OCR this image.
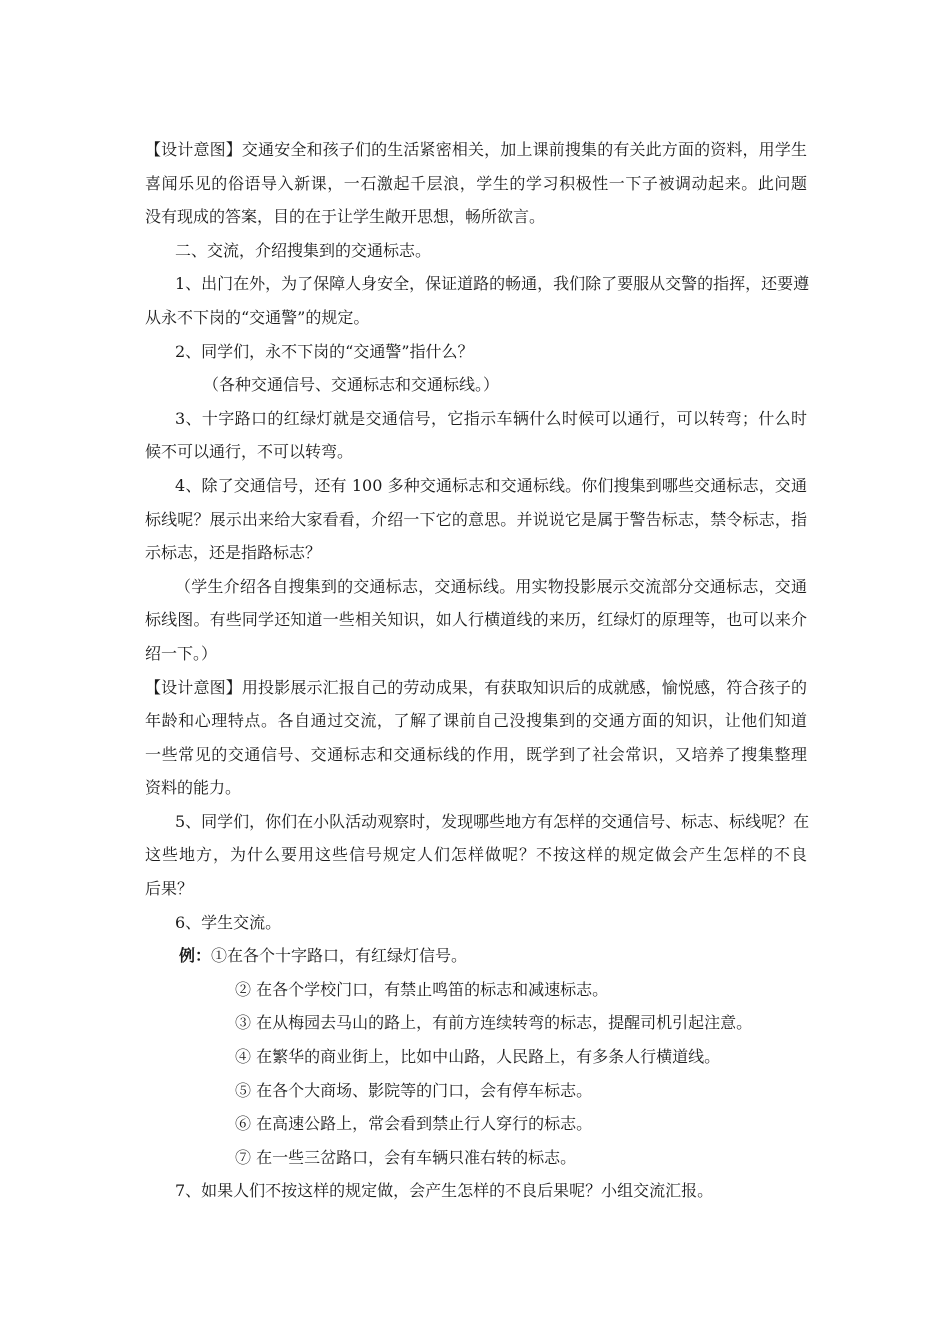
【设计意图】交通安全和孩子们的生活紧密相关，加上课前搜集的有关此方面的资料，用学生
喜闻乐见的俗语导入新课，一石激起千层浪，学生的学习积极性一下子被调动起来。此问题
没有现成的答案，目的在于让学生敞开思想，畅所欲言。
二、交流，介绍搜集到的交通标志。
1、出门在外，为了保障人身安全，保证道路的畅通，我们除了要服从交警的指挥，还要遵
从永不下岗的“交通警”的规定。
2、同学们，永不下岗的“交通警”指什么？
（各种交通信号、交通标志和交通标线。）
3、十字路口的红绿灯就是交通信号，它指示车辆什么时候可以通行，可以转弯；什么时
候不可以通行，不可以转弯。
4、除了交通信号，还有 100 多种交通标志和交通标线。你们搜集到哪些交通标志，交通
标线呢？展示出来给大家看看，介绍一下它的意思。并说说它是属于警告标志，禁令标志，指
示标志，还是指路标志？
（学生介绍各自搜集到的交通标志，交通标线。用实物投影展示交流部分交通标志，交通
标线图。有些同学还知道一些相关知识，如人行横道线的来历，红绿灯的原理等，也可以来介
绍一下。）
【设计意图】用投影展示汇报自己的劳动成果，有获取知识后的成就感，愉悦感，符合孩子的
年龄和心理特点。各自通过交流，了解了课前自己没搜集到的交通方面的知识，让他们知道
一些常见的交通信号、交通标志和交通标线的作用，既学到了社会常识，又培养了搜集整理
资料的能力。
5、同学们，你们在小队活动观察时，发现哪些地方有怎样的交通信号、标志、标线呢？在
这些地方，为什么要用这些信号规定人们怎样做呢？不按这样的规定做会产生怎样的不良
后果？
6、学生交流。
例：①在各个十字路口，有红绿灯信号。
② 在各个学校门口，有禁止鸣笛的标志和减速标志。
③ 在从梅园去马山的路上，有前方连续转弯的标志，提醒司机引起注意。
④ 在繁华的商业街上，比如中山路，人民路上，有多条人行横道线。
⑤ 在各个大商场、影院等的门口，会有停车标志。
⑥ 在高速公路上，常会看到禁止行人穿行的标志。
⑦ 在一些三岔路口，会有车辆只准右转的标志。
7、如果人们不按这样的规定做，会产生怎样的不良后果呢？小组交流汇报。
